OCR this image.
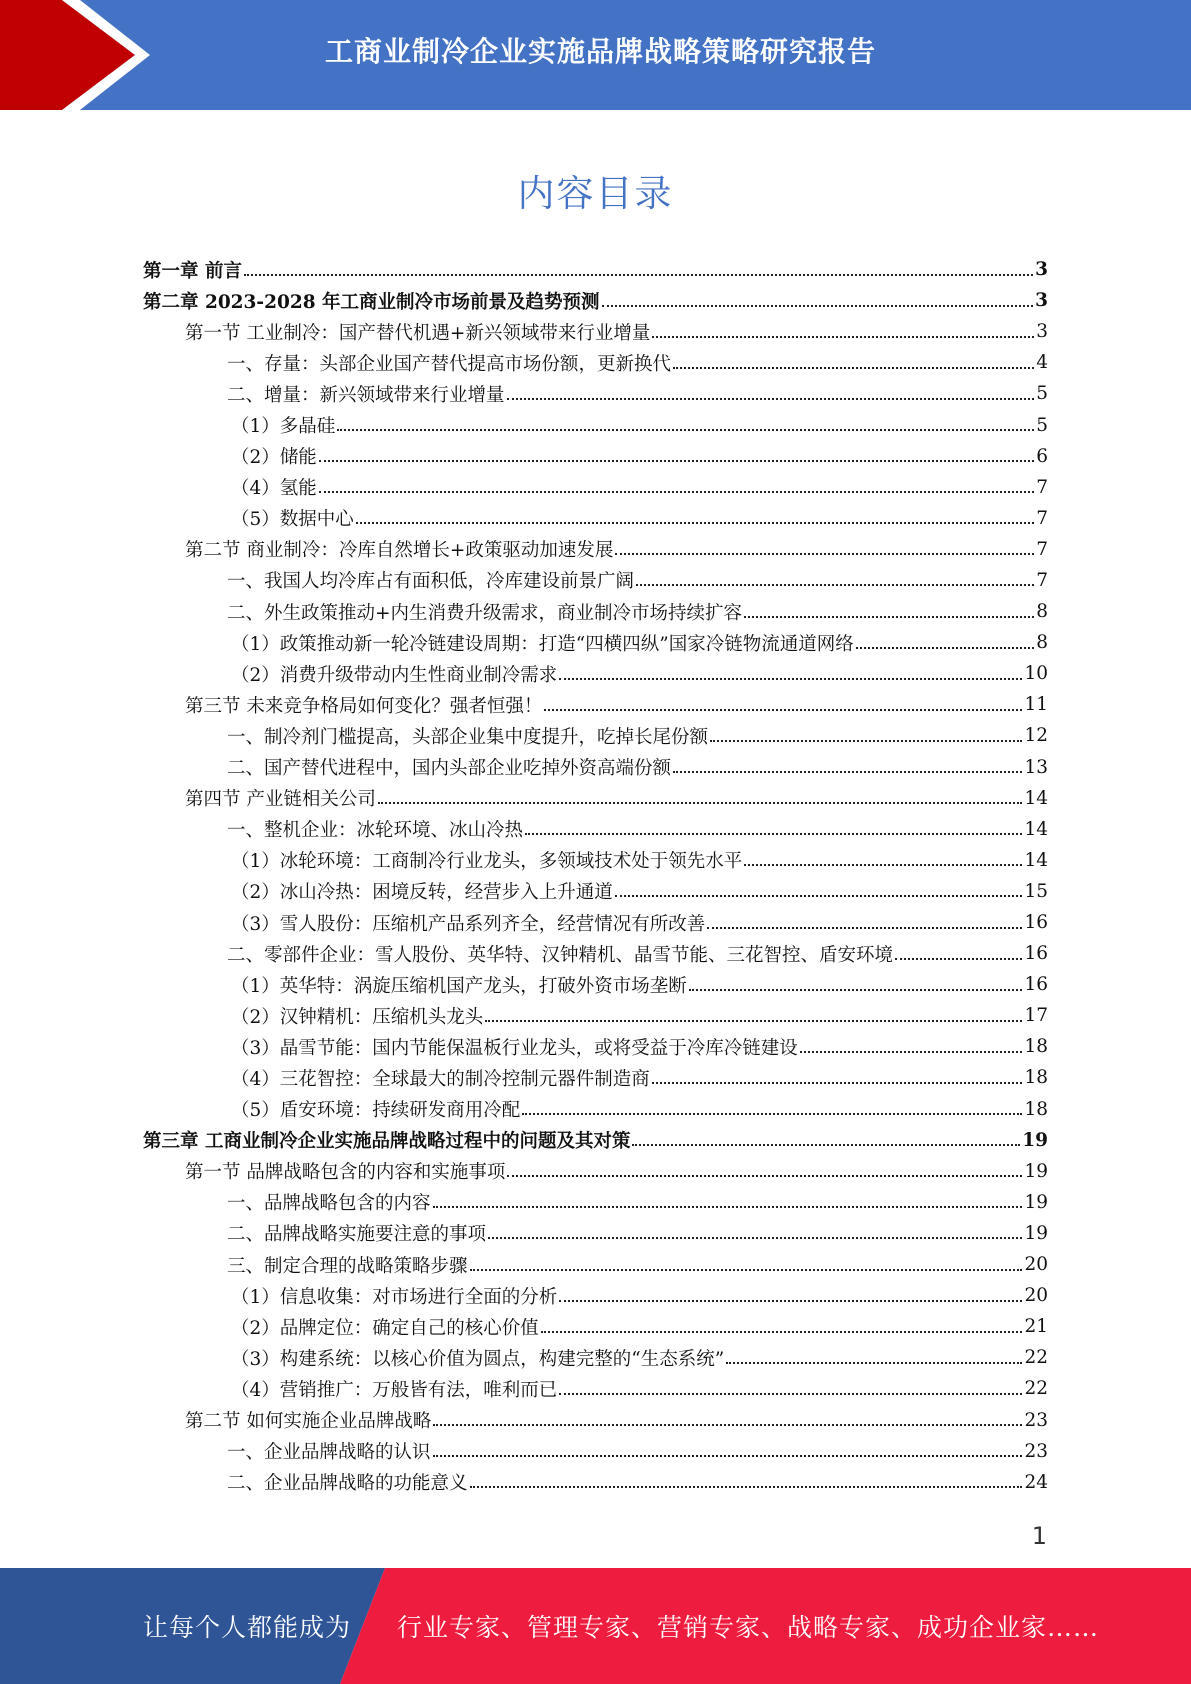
工商业制冷企业实施品牌战略策略研究报告
内容目录
第一章 前言	3
第二章 2023-2028 年工商业制冷市场前景及趋势预测	3
第一节 工业制冷：国产替代机遇+新兴领域带来行业增量	3
一、存量：头部企业国产替代提高市场份额，更新换代	4
二、增量：新兴领域带来行业增量	5
（1）多晶硅	5
（2）储能	6
（4）氢能	7
（5）数据中心	7
第二节 商业制冷：冷库自然增长+政策驱动加速发展	7
一、我国人均冷库占有面积低，冷库建设前景广阔	7
二、外生政策推动+内生消费升级需求，商业制冷市场持续扩容	8
（1）政策推动新一轮冷链建设周期：打造“四横四纵”国家冷链物流通道网络	8
（2）消费升级带动内生性商业制冷需求	10
第三节 未来竞争格局如何变化？强者恒强！	11
一、制冷剂门槛提高，头部企业集中度提升，吃掉长尾份额	12
二、国产替代进程中，国内头部企业吃掉外资高端份额	13
第四节 产业链相关公司	14
一、整机企业：冰轮环境、冰山冷热	14
（1）冰轮环境：工商制冷行业龙头，多领域技术处于领先水平	14
（2）冰山冷热：困境反转，经营步入上升通道	15
（3）雪人股份：压缩机产品系列齐全，经营情况有所改善	16
二、零部件企业：雪人股份、英华特、汉钟精机、晶雪节能、三花智控、盾安环境	16
（1）英华特：涡旋压缩机国产龙头，打破外资市场垄断	16
（2）汉钟精机：压缩机头龙头	17
（3）晶雪节能：国内节能保温板行业龙头，或将受益于冷库冷链建设	18
（4）三花智控：全球最大的制冷控制元器件制造商	18
（5）盾安环境：持续研发商用冷配	18
第三章 工商业制冷企业实施品牌战略过程中的问题及其对策	19
第一节 品牌战略包含的内容和实施事项	19
一、品牌战略包含的内容	19
二、品牌战略实施要注意的事项	19
三、制定合理的战略策略步骤	20
（1）信息收集：对市场进行全面的分析	20
（2）品牌定位：确定自己的核心价值	21
（3）构建系统：以核心价值为圆点，构建完整的“生态系统”	22
（4）营销推广：万般皆有法，唯利而已	22
第二节 如何实施企业品牌战略	23
一、企业品牌战略的认识	23
二、企业品牌战略的功能意义	24
1
让每个人都能成为 行业专家、管理专家、营销专家、战略专家、成功企业家……
